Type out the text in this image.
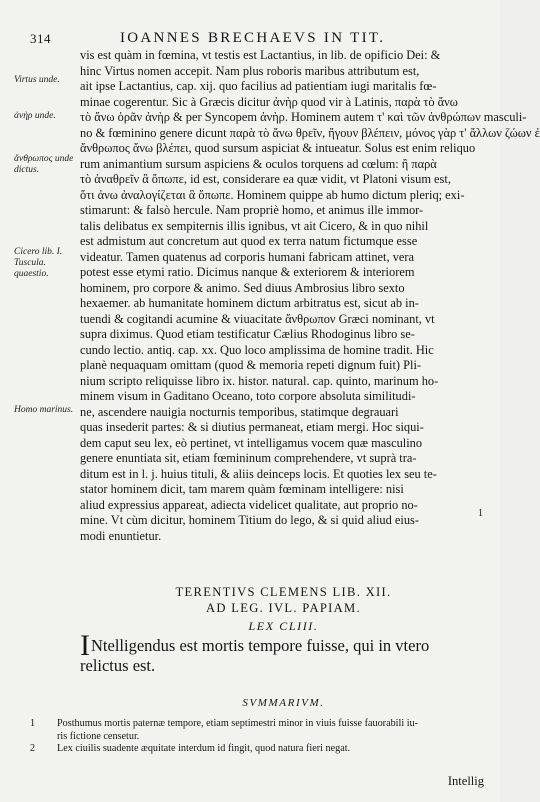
314	IOANNES BRECHAEVS IN TIT.
Virtus unde.
ἀνὴρ unde.
ἄνθρωπος unde dictus.
Cicero lib. I. Tuscula. quaestio.
Homo marinus.
vis est quàm in fœmina, vt testis est Lactantius, in lib. de opificio Dei: &
hinc Virtus nomen accepit. Nam plus roboris maribus attributum est,
ait ipse Lactantius, cap. xij. quo facilius ad patientiam iugi maritalis fœ-
minae cogerentur. Sic à Græcis dicitur ἀνὴρ quod vir à Latinis, παρὰ τὸ ἄνω
τὸ ἄνω ὁρᾶν ἀνὴρ & per Syncopem ἀνὴρ. Hominem autem τ' καὶ τῶν ἀνθρώπων masculi-
no & fœminino genere dicunt παρὰ τὸ ἄνω θρεῖν, ἤγουν βλέπειν, μόνος γὰρ τ' ἄλλων ζώων ἐ
ἄνθρωπος ἄνω βλέπει, quod sursum aspiciat & intueatur. Solus est enim reliquo
rum animantium sursum aspiciens & oculos torquens ad cœlum: ἢ παρὰ
τὸ ἀναθρεῖν ἃ ὄπωπε, id est, considerare ea quæ vidit, vt Platoni visum est,
ὅτι ἀνω ἀναλογίζεται ἃ ὄπωπε. Hominem quippe ab humo dictum pleriq; exi-
stimarunt: & falsò hercule. Nam propriè homo, et animus ille immor-
talis delibatus ex sempiternis illis ignibus, vt ait Cicero, & in quo nihil
est admistum aut concretum aut quod ex terra natum fictumque esse
videatur. Tamen quatenus ad corporis humani fabricam attinet, vera
potest esse etymi ratio. Dicimus nanque & exteriorem & interiorem
hominem, pro corpore & animo. Sed diuus Ambrosius libro sexto
hexaemer. ab humanitate hominem dictum arbitratus est, sicut ab in-
tuendi & cogitandi acumine & viuacitate ἄνθρωπον Græci nominant, vt
supra diximus. Quod etiam testificatur Cælius Rhodoginus libro se-
cundo lectio. antiq. cap. xx. Quo loco amplissima de homine tradit. Hic
planè nequaquam omittam (quod & memoria repeti dignum fuit) Pli-
nium scripto reliquisse libro ix. histor. natural. cap. quinto, marinum ho-
minem visum in Gaditano Oceano, toto corpore absoluta similitudi-
ne, ascendere nauigia nocturnis temporibus, statimque degrauari
quas insederit partes: & si diutius permaneat, etiam mergi. Hoc siqui-
dem caput seu lex, eò pertinet, vt intelligamus vocem quæ masculino
genere enuntiata sit, etiam fœmininum comprehendere, vt suprà tra-
ditum est in l. j. huius tituli, & aliis deinceps locis. Et quoties lex seu te-
stator hominem dicit, tam marem quàm fœminam intelligere: nisi
aliud expressius appareat, adiecta videlicet qualitate, aut proprio no-
mine. Vt cùm dicitur, hominem Titium do lego, & si quid aliud eius-
modi enuntietur.
1
TERENTIVS CLEMENS LIB. XII.
AD LEG. IVL. PAPIAM.
LEX CLIII.
INtelligendus est mortis tempore fuisse, qui in vtero
relictus est.
SVMMARIVM.
1	Posthumus mortis paternæ tempore, etiam septimestri minor in viuis fuisse fauorabili iu-
ris fictione censetur.
2	Lex ciuilis suadente æquitate interdum id fingit, quod natura fieri negat.
Intellig
